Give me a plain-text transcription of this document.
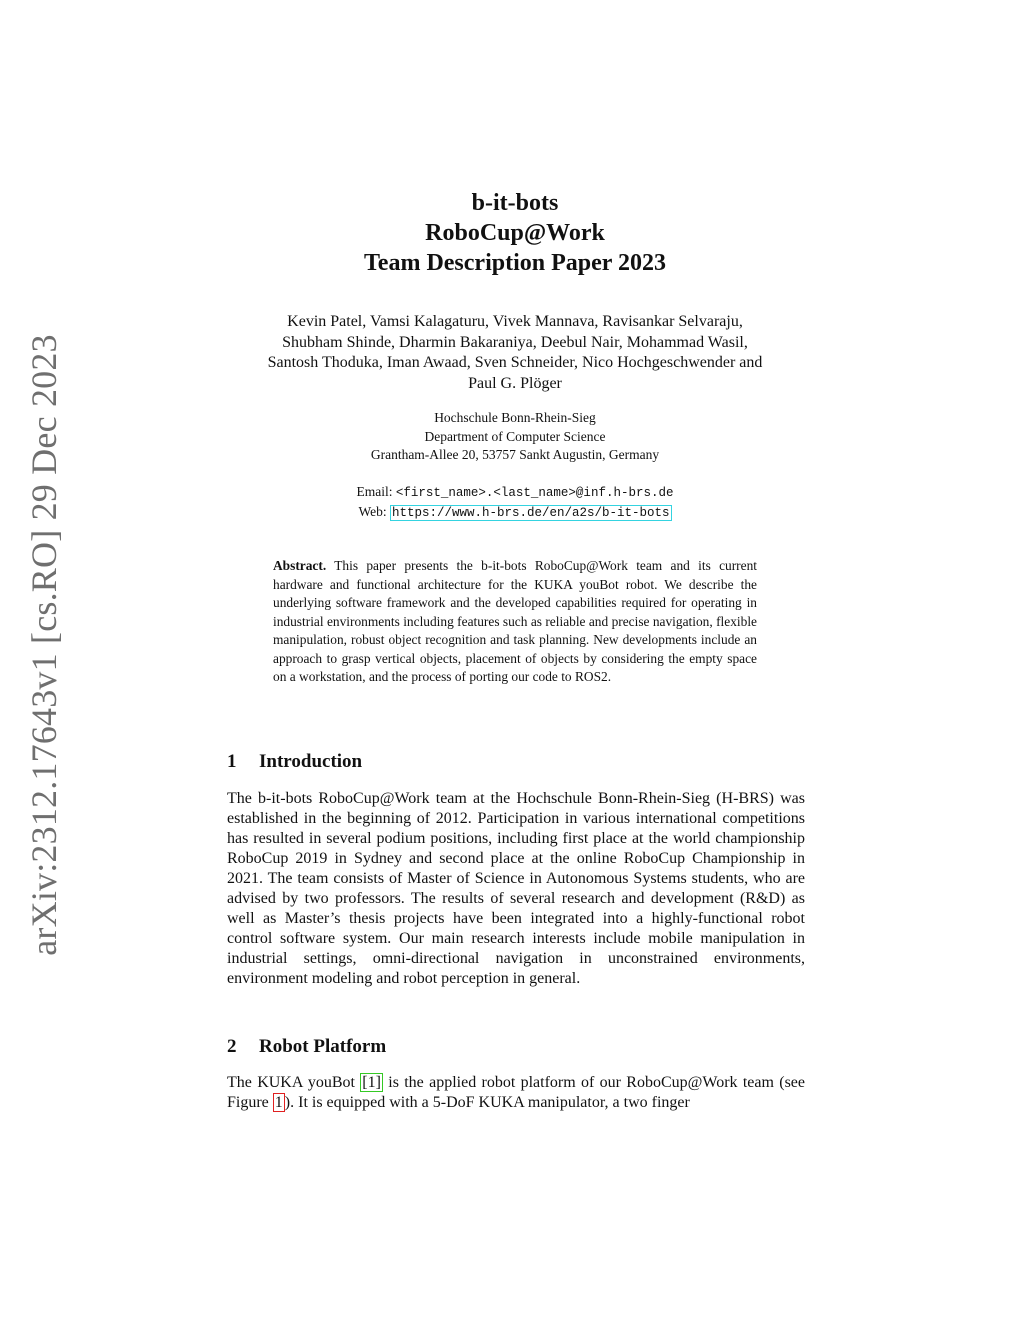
arXiv:2312.17643v1 [cs.RO] 29 Dec 2023
b-it-bots
RoboCup@Work
Team Description Paper 2023
Kevin Patel, Vamsi Kalagaturu, Vivek Mannava, Ravisankar Selvaraju,
Shubham Shinde, Dharmin Bakaraniya, Deebul Nair, Mohammad Wasil,
Santosh Thoduka, Iman Awaad, Sven Schneider, Nico Hochgeschwender and
Paul G. Plöger
Hochschule Bonn-Rhein-Sieg
Department of Computer Science
Grantham-Allee 20, 53757 Sankt Augustin, Germany
Email: <first_name>.<last_name>@inf.h-brs.de
Web: https://www.h-brs.de/en/a2s/b-it-bots
Abstract. This paper presents the b-it-bots RoboCup@Work team and its current hardware and functional architecture for the KUKA youBot robot. We describe the underlying software framework and the developed capabilities required for operating in industrial environments including features such as reliable and precise navigation, flexible manipulation, robust object recognition and task planning. New developments include an approach to grasp vertical objects, placement of objects by considering the empty space on a workstation, and the process of porting our code to ROS2.
1 Introduction
The b-it-bots RoboCup@Work team at the Hochschule Bonn-Rhein-Sieg (H-BRS) was established in the beginning of 2012. Participation in various international competitions has resulted in several podium positions, including first place at the world championship RoboCup 2019 in Sydney and second place at the online RoboCup Championship in 2021. The team consists of Master of Science in Autonomous Systems students, who are advised by two professors. The results of several research and development (R&D) as well as Master’s thesis projects have been integrated into a highly-functional robot control software system. Our main research interests include mobile manipulation in industrial settings, omni-directional navigation in unconstrained environments, environment modeling and robot perception in general.
2 Robot Platform
The KUKA youBot [1] is the applied robot platform of our RoboCup@Work team (see Figure 1 ). It is equipped with a 5-DoF KUKA manipulator, a two finger
